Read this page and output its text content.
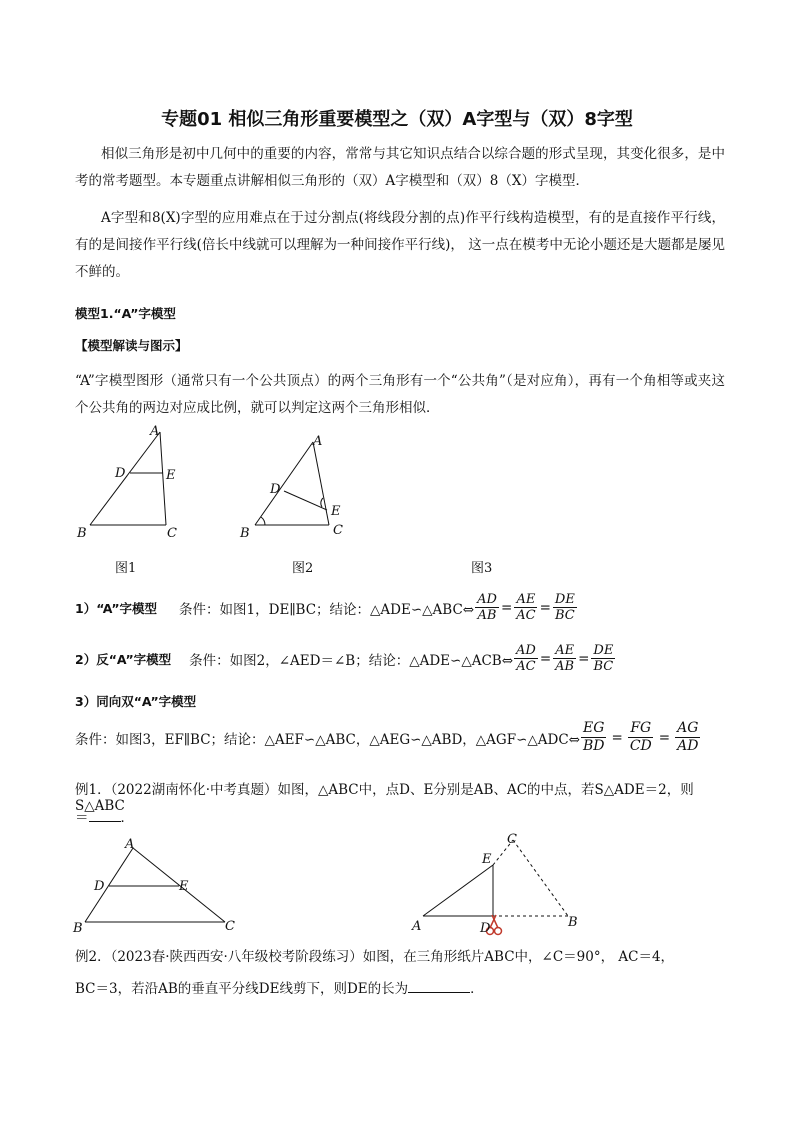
专题01 相似三角形重要模型之（双）A字型与（双）8字型
相似三角形是初中几何中的重要的内容，常常与其它知识点结合以综合题的形式呈现，其变化很多，是中考的常考题型。本专题重点讲解相似三角形的（双）A字模型和（双）8（X）字模型．
A字型和8(X)字型的应用难点在于过分割点(将线段分割的点)作平行线构造模型，有的是直接作平行线，有的是间接作平行线(倍长中线就可以理解为一种间接作平行线)， 这一点在模考中无论小题还是大题都是屡见不鲜的。
模型1.“A”字模型
【模型解读与图示】
“A”字模型图形（通常只有一个公共顶点）的两个三角形有一个“公共角”（是对应角），再有一个角相等或夹这个公共角的两边对应成比例，就可以判定这两个三角形相似．
A
D	E
B	C
A
D
E
B	C
图1	图2	图3
1）“A”字模型 条件：如图1，DE∥BC；结论：△ADE∽△ABC⇔ $\frac{AD}{AB} = \frac{AE}{AC} = \frac{DE}{BC}$
2）反“A”字模型 条件：如图2，∠AED＝∠B；结论：△ADE∽△ACB⇔ $\frac{AD}{AC} = \frac{AE}{AB} = \frac{DE}{BC}$
3）同向双“A”字模型
条件：如图3，EF∥BC；结论：△AEF∽△ABC，△AEG∽△ABD，△AGF∽△ADC⇔ $\frac{EG}{BD} = \frac{FG}{CD} = \frac{AG}{AD}$
例1．（2022湖南怀化·中考真题）如图，△ABC中，点D、E分别是AB、AC的中点，若S△ADE＝2，则S△ABC
＝ ．
A
D	E
B	C
C
E
A	D	B
例2．（2023春·陕西西安·八年级校考阶段练习）如图，在三角形纸片ABC中，∠C＝90°， AC＝4，
BC＝3，若沿AB的垂直平分线DE线剪下，则DE的长为	．
